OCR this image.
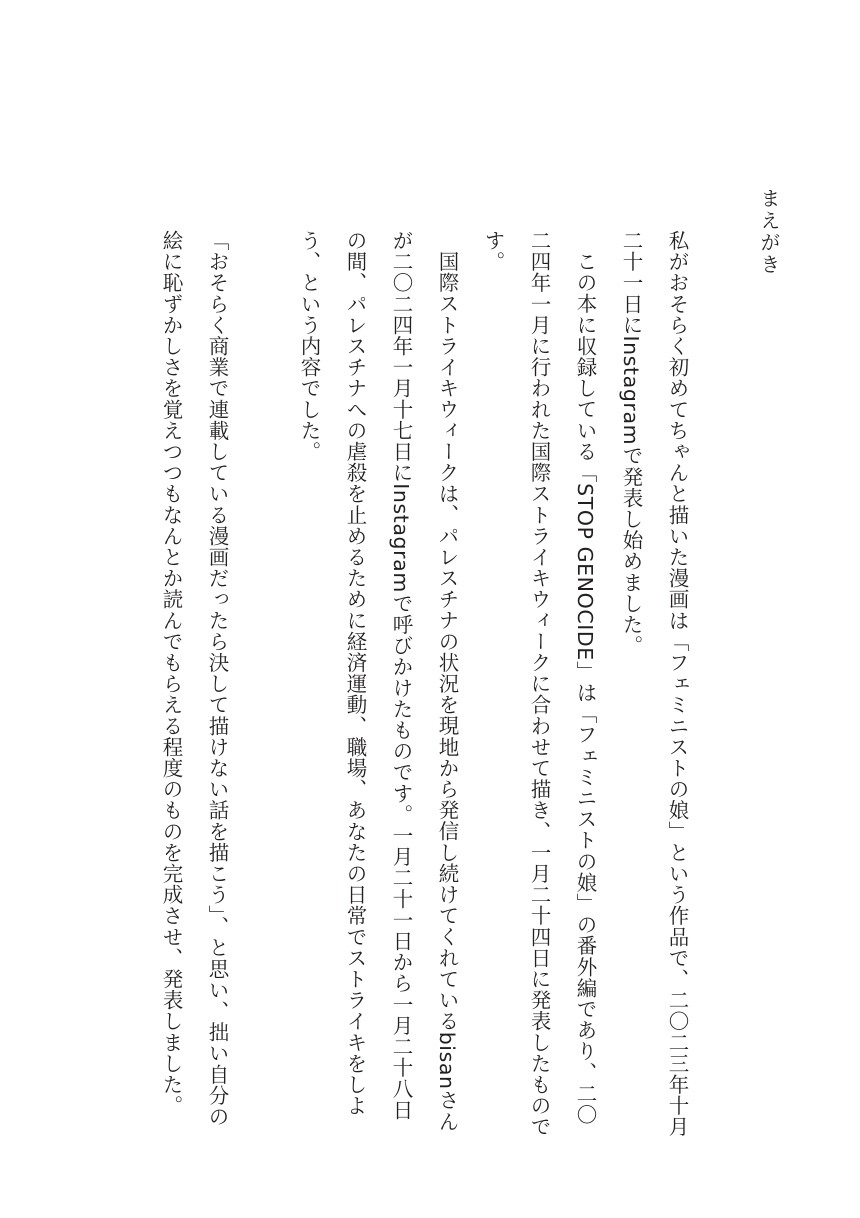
まえがき

私がおそらく初めてちゃんと描いた漫画は「フェミニストの娘」という作品で、二〇二三年十月二十一日にInstagramで発表し始めました。

この本に収録している「STOP GENOCIDE」は「フェミニストの娘」の番外編であり、二〇二四年一月に行われた国際ストライキウィークに合わせて描き、一月二十四日に発表したものです。

国際ストライキウィークは、パレスチナの状況を現地から発信し続けてくれているbisanさんが二〇二四年一月十七日にInstagramで呼びかけたものです。一月二十一日から一月二十八日の間、パレスチナへの虐殺を止めるために経済運動、職場、あなたの日常でストライキをしよう、という内容でした。

「おそらく商業で連載している漫画だったら決して描けない話を描こう」、と思い、拙い自分の絵に恥ずかしさを覚えつつもなんとか読んでもらえる程度のものを完成させ、発表しました。
